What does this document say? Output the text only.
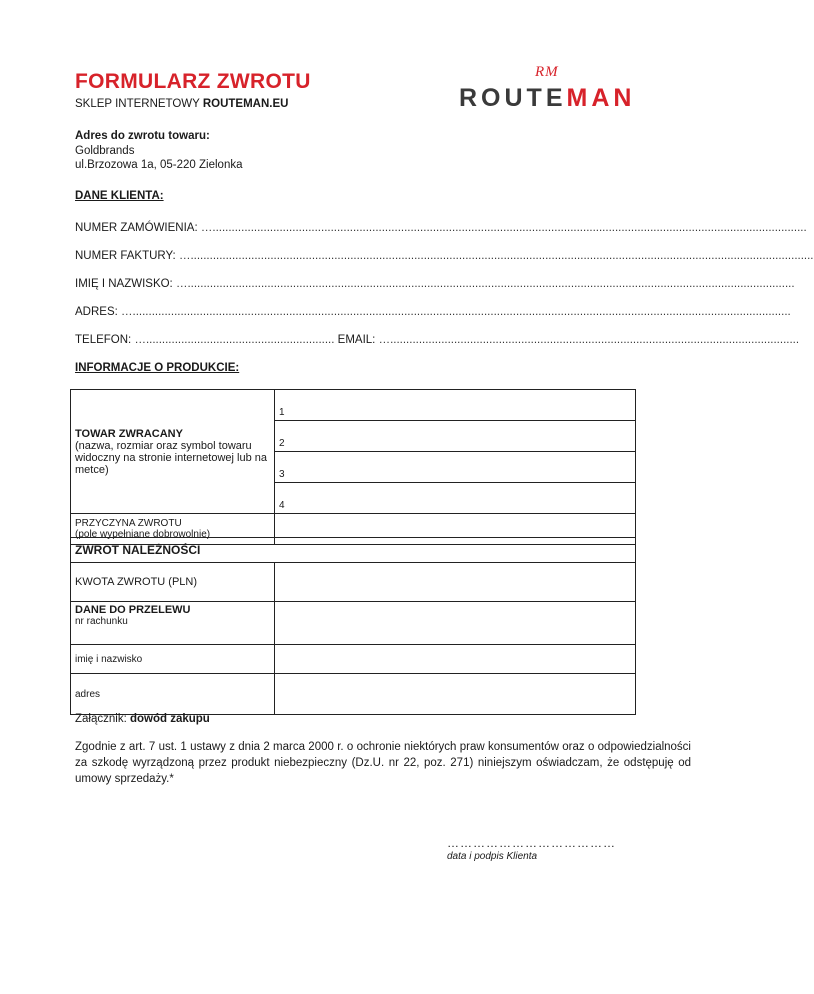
FORMULARZ ZWROTU
SKLEP INTERNETOWY ROUTEMAN.EU
RM
ROUTEMAN
Adres do zwrotu towaru:
Goldbrands
ul.Brzozowa 1a, 05-220 Zielonka
DANE KLIENTA:
NUMER ZAMÓWIENIA: …..........................................................................................................................................................................................
NUMER FAKTURY: …...................................................................................................................................................................................................
IMIĘ I NAZWISKO: …..............................................................................................................................................................................................
ADRES: …..............................................................................................................................................................................................................
TELEFON: …........................................................... EMAIL: …................................................................................................................................
INFORMACJE O PRODUKCIE:
TOWAR ZWRACANY
(nazwa, rozmiar oraz symbol towaru widoczny na stronie internetowej lub na metce)	1
	2
	3
	4

PRZYCZYNA ZWROTU
(pole wypełniane dobrowolnie)	

ZWROT NALEŻNOŚCI	
KWOTA ZWROTU (PLN)	

DANE DO PRZELEWU
nr rachunku	

imię i nazwisko	
adres	
Załącznik: dowód zakupu
Zgodnie z art. 7 ust. 1 ustawy z dnia 2 marca 2000 r. o ochronie niektórych praw konsumentów oraz o odpowiedzialności za szkodę wyrządzoną przez produkt niebezpieczny (Dz.U. nr 22, poz. 271) niniejszym oświadczam, że odstępuję od umowy sprzedaży.*
…………………………………
data i podpis Klienta
